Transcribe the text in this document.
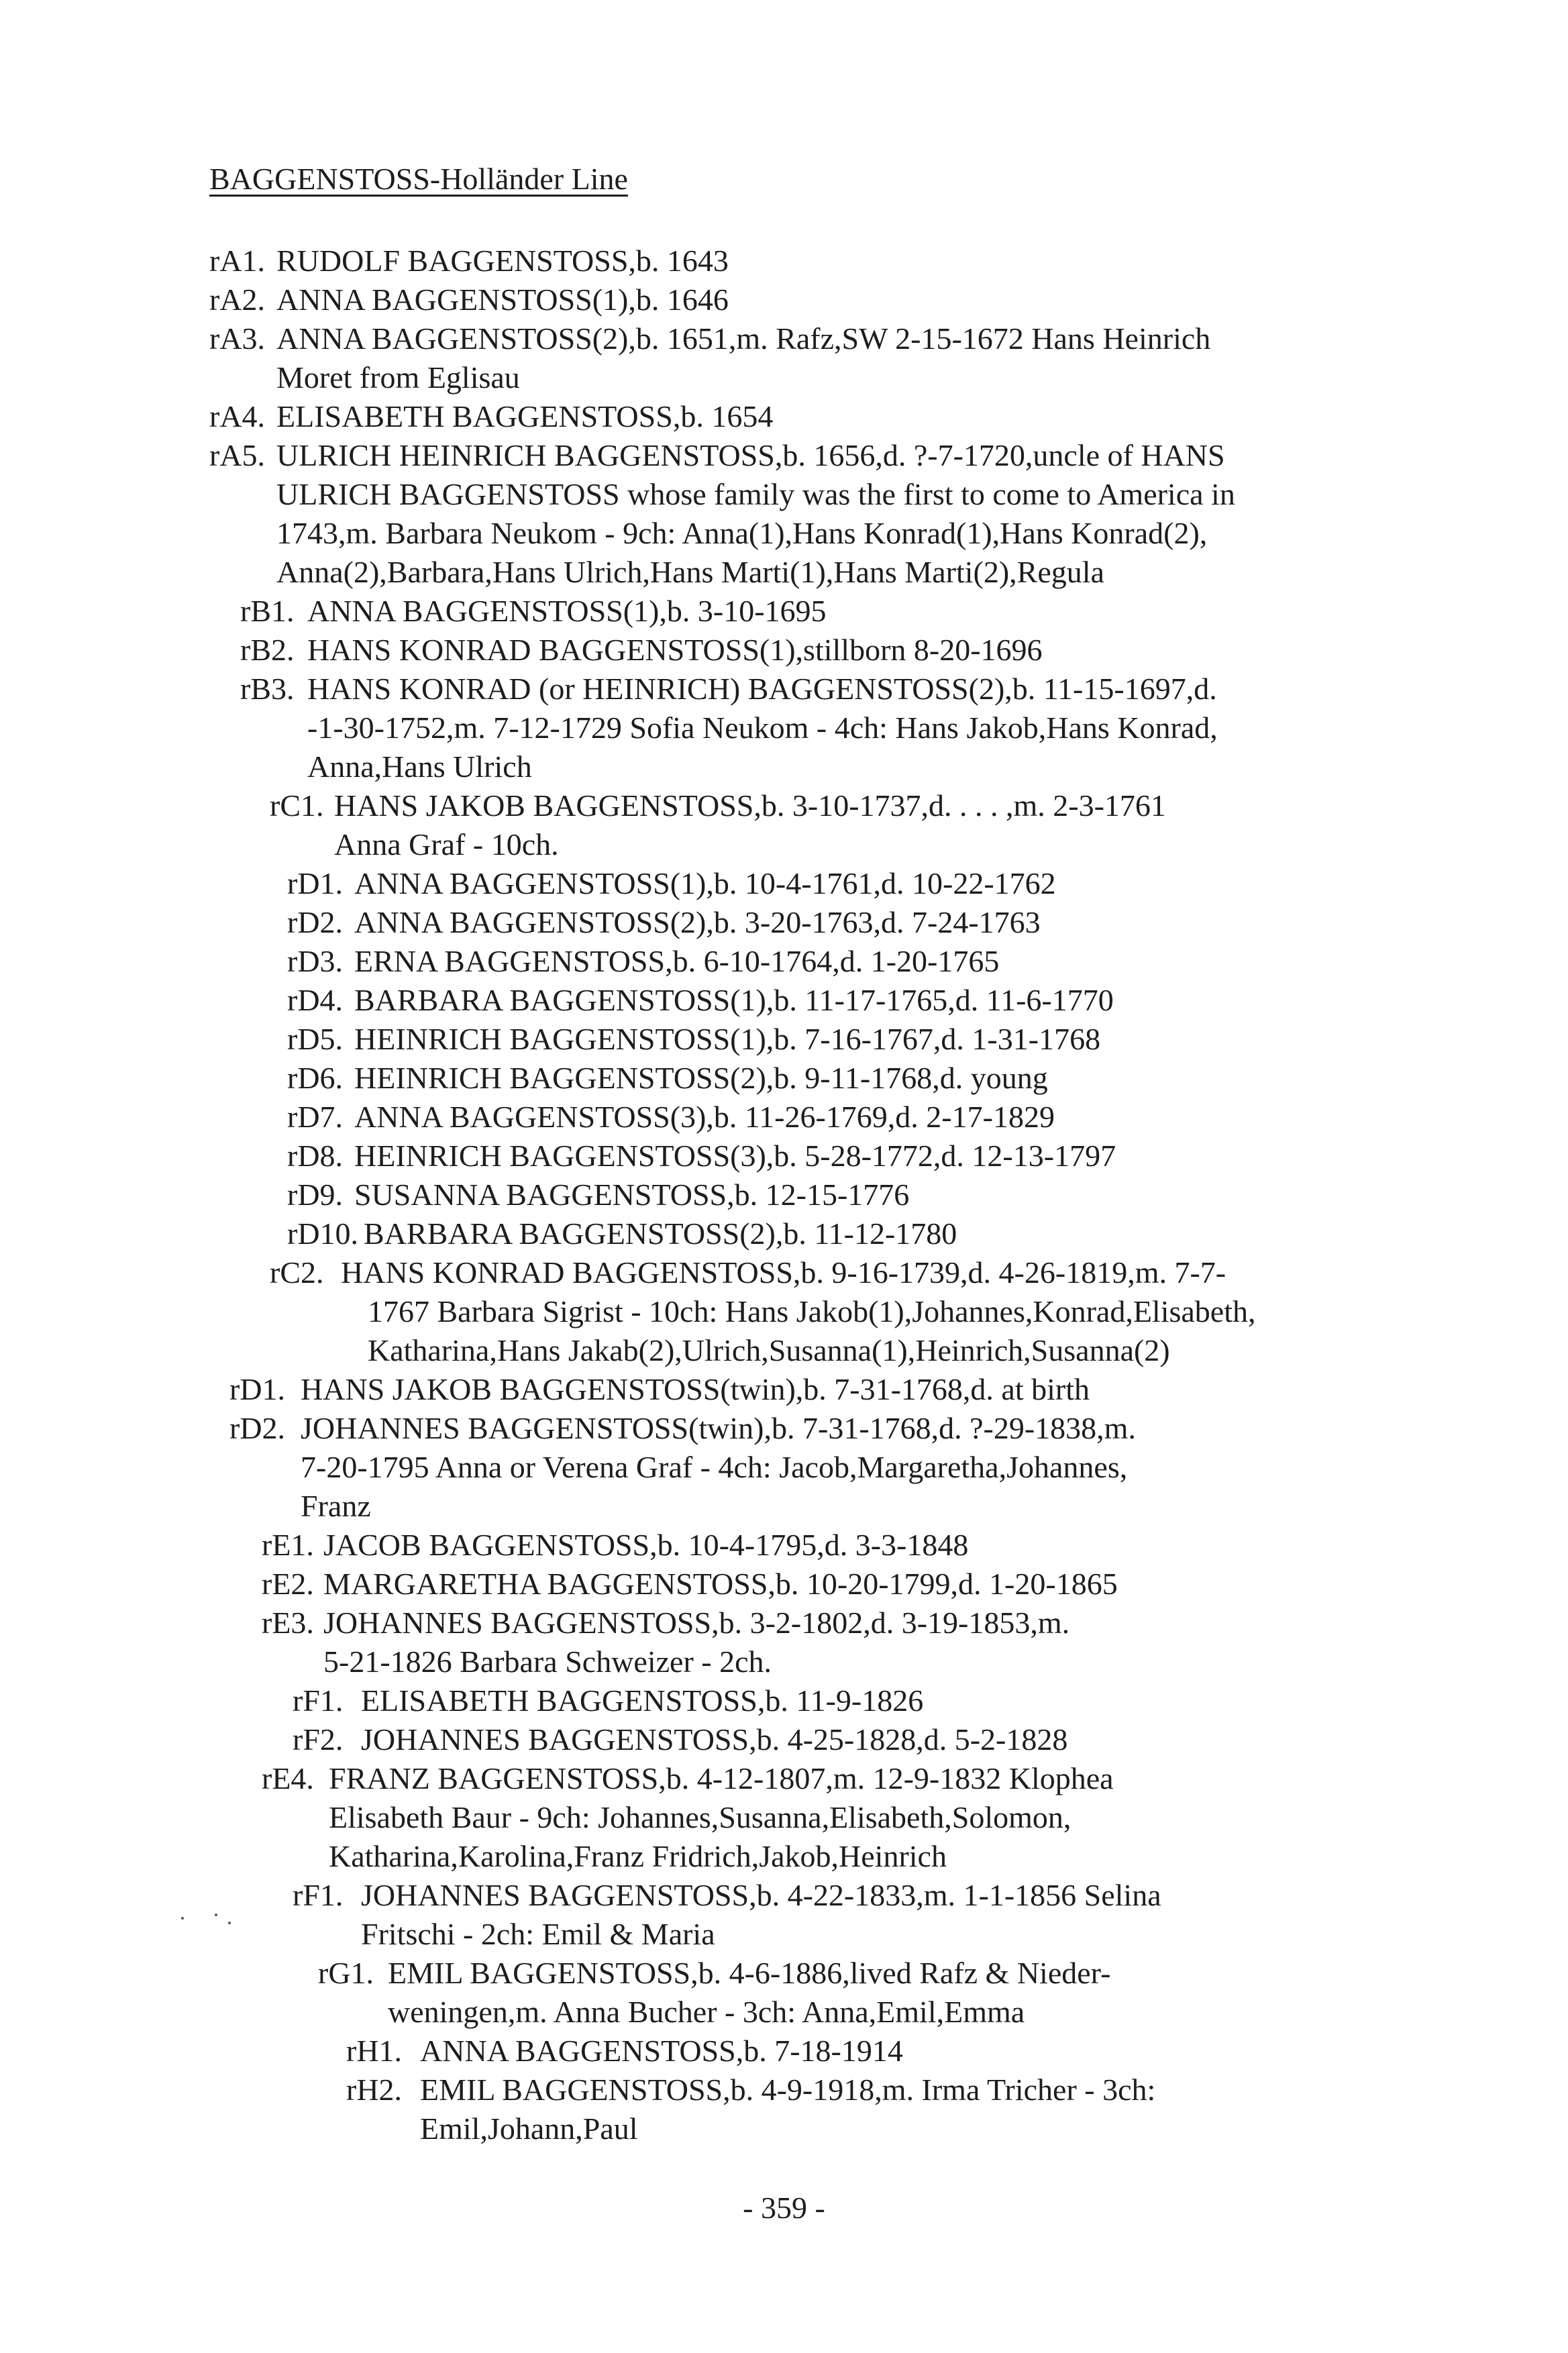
BAGGENSTOSS-Holländer Line
rA1. RUDOLF BAGGENSTOSS,b. 1643
rA2. ANNA BAGGENSTOSS(1),b. 1646
rA3. ANNA BAGGENSTOSS(2),b. 1651,m. Rafz,SW 2-15-1672 Hans Heinrich
Moret from Eglisau
rA4. ELISABETH BAGGENSTOSS,b. 1654
rA5. ULRICH HEINRICH BAGGENSTOSS,b. 1656,d. ?-7-1720,uncle of HANS
ULRICH BAGGENSTOSS whose family was the first to come to America in
1743,m. Barbara Neukom - 9ch: Anna(1),Hans Konrad(1),Hans Konrad(2),
Anna(2),Barbara,Hans Ulrich,Hans Marti(1),Hans Marti(2),Regula
rB1. ANNA BAGGENSTOSS(1),b. 3-10-1695
rB2. HANS KONRAD BAGGENSTOSS(1),stillborn 8-20-1696
rB3. HANS KONRAD (or HEINRICH) BAGGENSTOSS(2),b. 11-15-1697,d.
-1-30-1752,m. 7-12-1729 Sofia Neukom - 4ch: Hans Jakob,Hans Konrad,
Anna,Hans Ulrich
rC1. HANS JAKOB BAGGENSTOSS,b. 3-10-1737,d. . . . ,m. 2-3-1761
Anna Graf - 10ch.
rD1. ANNA BAGGENSTOSS(1),b. 10-4-1761,d. 10-22-1762
rD2. ANNA BAGGENSTOSS(2),b. 3-20-1763,d. 7-24-1763
rD3. ERNA BAGGENSTOSS,b. 6-10-1764,d. 1-20-1765
rD4. BARBARA BAGGENSTOSS(1),b. 11-17-1765,d. 11-6-1770
rD5. HEINRICH BAGGENSTOSS(1),b. 7-16-1767,d. 1-31-1768
rD6. HEINRICH BAGGENSTOSS(2),b. 9-11-1768,d. young
rD7. ANNA BAGGENSTOSS(3),b. 11-26-1769,d. 2-17-1829
rD8. HEINRICH BAGGENSTOSS(3),b. 5-28-1772,d. 12-13-1797
rD9. SUSANNA BAGGENSTOSS,b. 12-15-1776
rD10. BARBARA BAGGENSTOSS(2),b. 11-12-1780
rC2. HANS KONRAD BAGGENSTOSS,b. 9-16-1739,d. 4-26-1819,m. 7-7-
1767 Barbara Sigrist - 10ch: Hans Jakob(1),Johannes,Konrad,Elisabeth,
Katharina,Hans Jakab(2),Ulrich,Susanna(1),Heinrich,Susanna(2)
rD1. HANS JAKOB BAGGENSTOSS(twin),b. 7-31-1768,d. at birth
rD2. JOHANNES BAGGENSTOSS(twin),b. 7-31-1768,d. ?-29-1838,m.
7-20-1795 Anna or Verena Graf - 4ch: Jacob,Margaretha,Johannes,
Franz
rE1. JACOB BAGGENSTOSS,b. 10-4-1795,d. 3-3-1848
rE2. MARGARETHA BAGGENSTOSS,b. 10-20-1799,d. 1-20-1865
rE3. JOHANNES BAGGENSTOSS,b. 3-2-1802,d. 3-19-1853,m.
5-21-1826 Barbara Schweizer - 2ch.
rF1. ELISABETH BAGGENSTOSS,b. 11-9-1826
rF2. JOHANNES BAGGENSTOSS,b. 4-25-1828,d. 5-2-1828
rE4. FRANZ BAGGENSTOSS,b. 4-12-1807,m. 12-9-1832 Klophea
Elisabeth Baur - 9ch: Johannes,Susanna,Elisabeth,Solomon,
Katharina,Karolina,Franz Fridrich,Jakob,Heinrich
rF1. JOHANNES BAGGENSTOSS,b. 4-22-1833,m. 1-1-1856 Selina
Fritschi - 2ch: Emil & Maria
rG1. EMIL BAGGENSTOSS,b. 4-6-1886,lived Rafz & Nieder-
weningen,m. Anna Bucher - 3ch: Anna,Emil,Emma
rH1. ANNA BAGGENSTOSS,b. 7-18-1914
rH2. EMIL BAGGENSTOSS,b. 4-9-1918,m. Irma Tricher - 3ch:
Emil,Johann,Paul
- 359 -
